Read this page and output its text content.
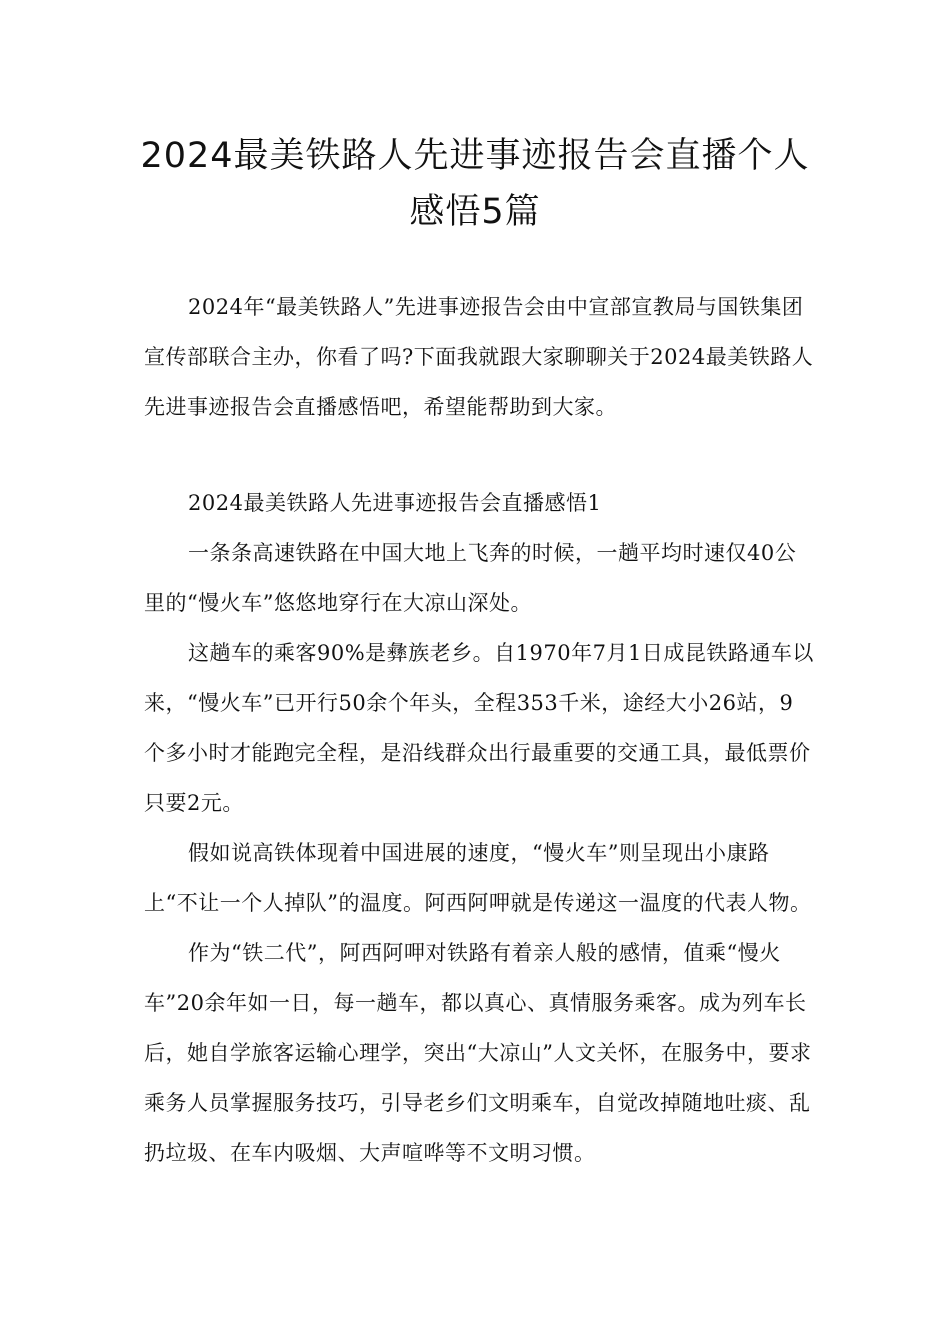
2024最美铁路人先进事迹报告会直播个人感悟5篇

2024年“最美铁路人”先进事迹报告会由中宣部宣教局与国铁集团宣传部联合主办，你看了吗?下面我就跟大家聊聊关于2024最美铁路人先进事迹报告会直播感悟吧，希望能帮助到大家。

2024最美铁路人先进事迹报告会直播感悟1

一条条高速铁路在中国大地上飞奔的时候，一趟平均时速仅40公里的“慢火车”悠悠地穿行在大凉山深处。

这趟车的乘客90%是彝族老乡。自1970年7月1日成昆铁路通车以来，“慢火车”已开行50余个年头，全程353千米，途经大小26站，9个多小时才能跑完全程，是沿线群众出行最重要的交通工具，最低票价只要2元。

假如说高铁体现着中国进展的速度，“慢火车”则呈现出小康路上“不让一个人掉队”的温度。阿西阿呷就是传递这一温度的代表人物。

作为“铁二代”，阿西阿呷对铁路有着亲人般的感情，值乘“慢火车”20余年如一日，每一趟车，都以真心、真情服务乘客。成为列车长后，她自学旅客运输心理学，突出“大凉山”人文关怀，在服务中，要求乘务人员掌握服务技巧，引导老乡们文明乘车，自觉改掉随地吐痰、乱扔垃圾、在车内吸烟、大声喧哗等不文明习惯。
